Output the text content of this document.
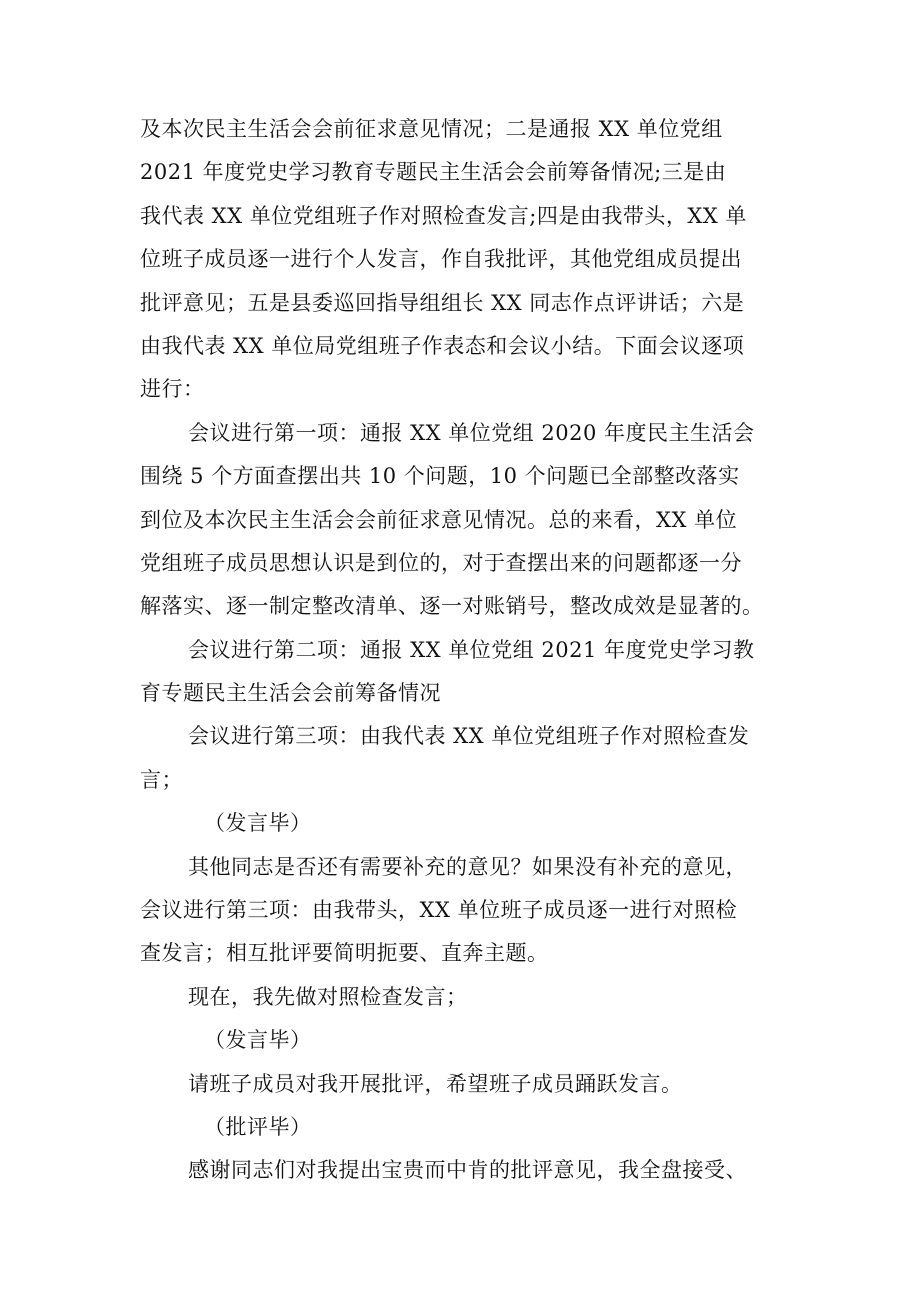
及本次民主生活会会前征求意见情况；二是通报 XX 单位党组
2021 年度党史学习教育专题民主生活会会前筹备情况;三是由
我代表 XX 单位党组班子作对照检查发言;四是由我带头，XX 单
位班子成员逐一进行个人发言，作自我批评，其他党组成员提出
批评意见；五是县委巡回指导组组长 XX 同志作点评讲话；六是
由我代表 XX 单位局党组班子作表态和会议小结。下面会议逐项
进行：
会议进行第一项：通报 XX 单位党组 2020 年度民主生活会
围绕 5 个方面查摆出共 10 个问题，10 个问题已全部整改落实
到位及本次民主生活会会前征求意见情况。总的来看，XX 单位
党组班子成员思想认识是到位的，对于查摆出来的问题都逐一分
解落实、逐一制定整改清单、逐一对账销号，整改成效是显著的。
会议进行第二项：通报 XX 单位党组 2021 年度党史学习教
育专题民主生活会会前筹备情况
会议进行第三项：由我代表 XX 单位党组班子作对照检查发
言；
（发言毕）
其他同志是否还有需要补充的意见？如果没有补充的意见，
会议进行第三项：由我带头，XX 单位班子成员逐一进行对照检
查发言；相互批评要简明扼要、直奔主题。
现在，我先做对照检查发言；
（发言毕）
请班子成员对我开展批评，希望班子成员踊跃发言。
（批评毕）
感谢同志们对我提出宝贵而中肯的批评意见，我全盘接受、
